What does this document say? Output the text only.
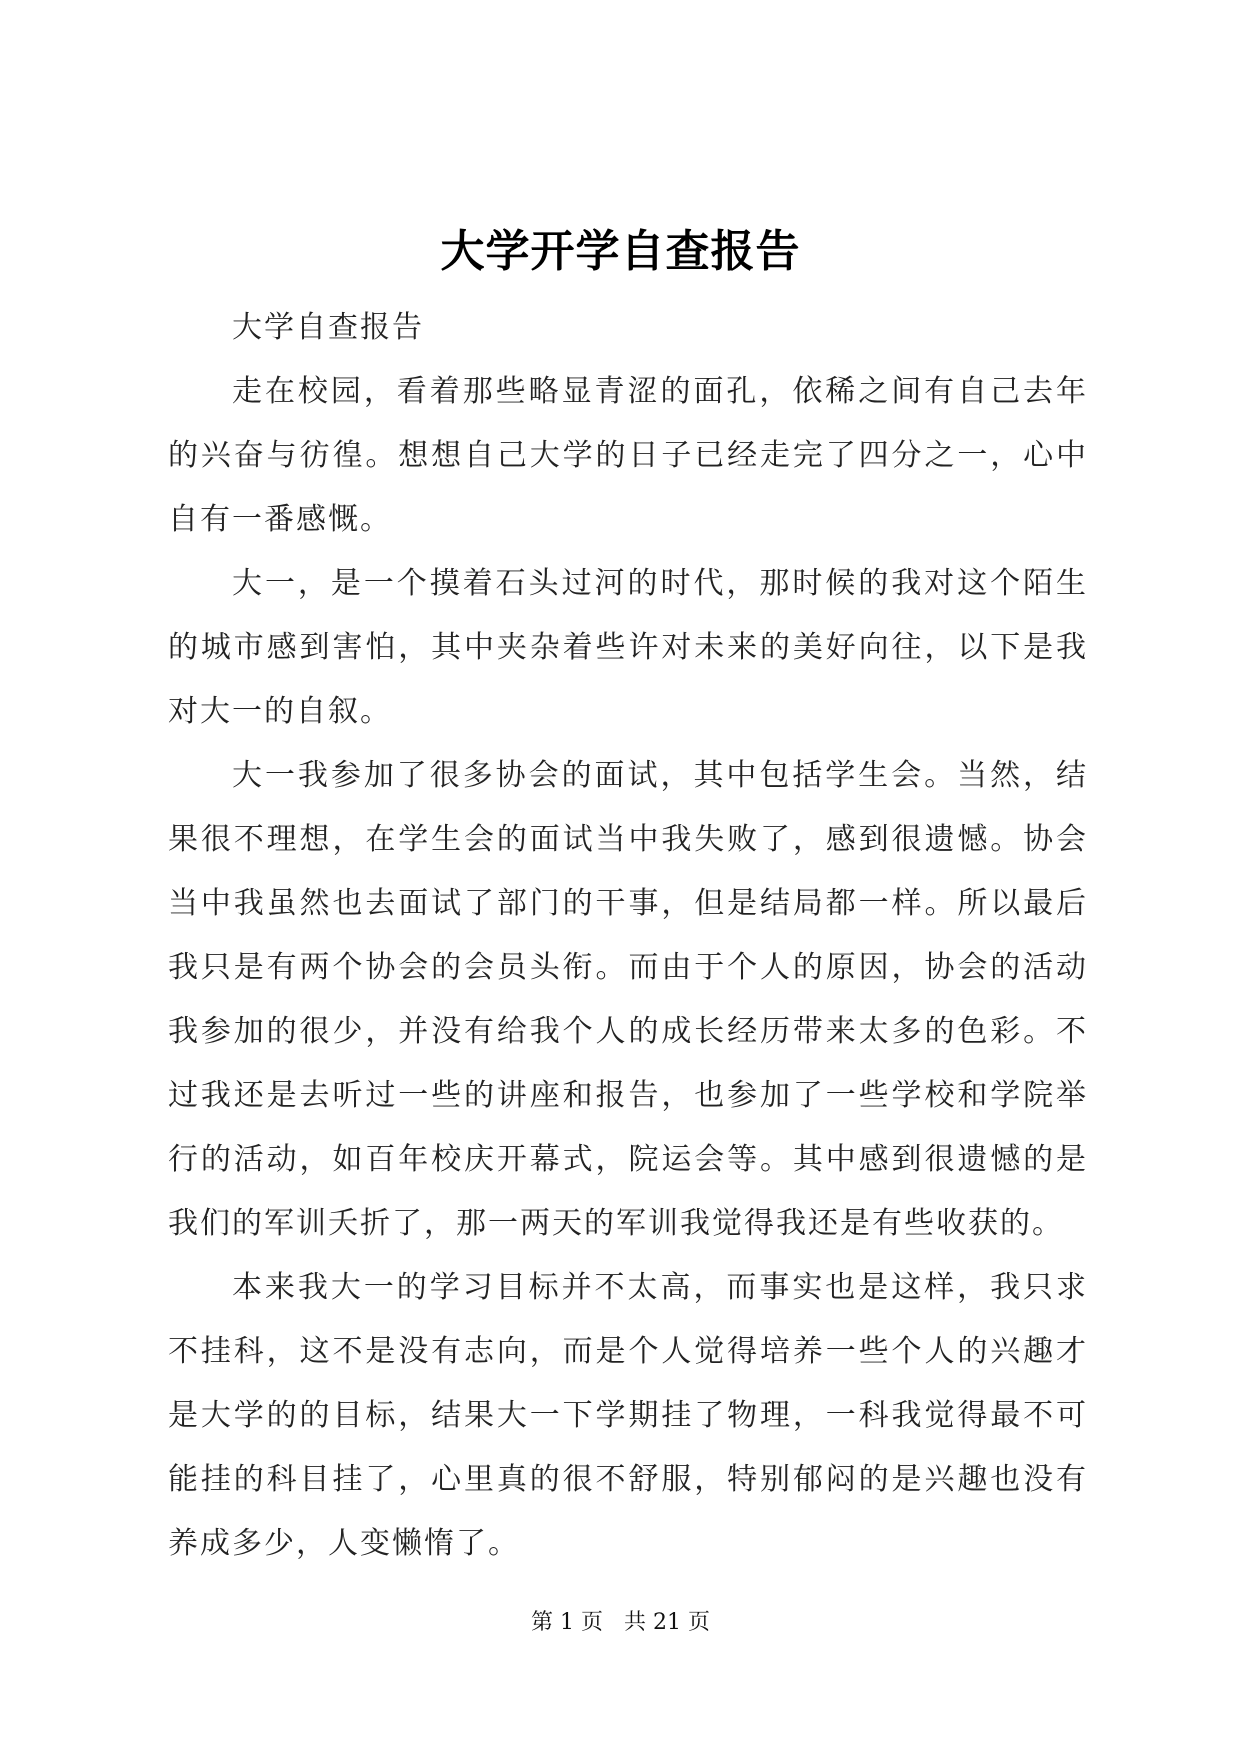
大学开学自查报告

大学自查报告

走在校园，看着那些略显青涩的面孔，依稀之间有自己去年的兴奋与彷徨。想想自己大学的日子已经走完了四分之一，心中自有一番感慨。

大一，是一个摸着石头过河的时代，那时候的我对这个陌生的城市感到害怕，其中夹杂着些许对未来的美好向往，以下是我对大一的自叙。

大一我参加了很多协会的面试，其中包括学生会。当然，结果很不理想，在学生会的面试当中我失败了，感到很遗憾。协会当中我虽然也去面试了部门的干事，但是结局都一样。所以最后我只是有两个协会的会员头衔。而由于个人的原因，协会的活动我参加的很少，并没有给我个人的成长经历带来太多的色彩。不过我还是去听过一些的讲座和报告，也参加了一些学校和学院举行的活动，如百年校庆开幕式，院运会等。其中感到很遗憾的是我们的军训夭折了，那一两天的军训我觉得我还是有些收获的。

本来我大一的学习目标并不太高，而事实也是这样，我只求不挂科，这不是没有志向，而是个人觉得培养一些个人的兴趣才是大学的的目标，结果大一下学期挂了物理，一科我觉得最不可能挂的科目挂了，心里真的很不舒服，特别郁闷的是兴趣也没有养成多少，人变懒惰了。

第 1 页 共 21 页
